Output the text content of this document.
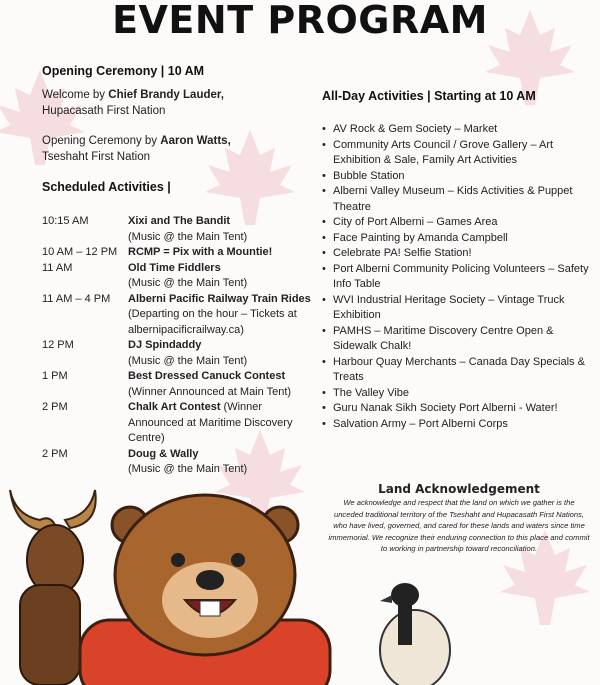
EVENT PROGRAM
Opening Ceremony | 10 AM
Welcome by Chief Brandy Lauder,
Hupacasath First Nation
Opening Ceremony by Aaron Watts,
Tseshaht First Nation
Scheduled Activities |
10:15 AM	Xixi and The Bandit
(Music @ the Main Tent)
10 AM – 12 PM RCMP = Pix with a Mountie!
11 AM	Old Time Fiddlers
(Music @ the Main Tent)
11 AM – 4 PM	Alberni Pacific Railway Train Rides
(Departing on the hour – Tickets at albernipacificrailway.ca)
12 PM	DJ Spindaddy
(Music @ the Main Tent)
1 PM	Best Dressed Canuck Contest
(Winner Announced at Main Tent)
2 PM	Chalk Art Contest (Winner Announced at Maritime Discovery Centre)
2 PM	Doug & Wally
(Music @ the Main Tent)
All-Day Activities | Starting at 10 AM
• AV Rock & Gem Society – Market
• Community Arts Council / Grove Gallery – Art Exhibition & Sale, Family Art Activities
• Bubble Station
• Alberni Valley Museum – Kids Activities & Puppet Theatre
• City of Port Alberni – Games Area
• Face Painting by Amanda Campbell
• Celebrate PA! Selfie Station!
• Port Alberni Community Policing Volunteers – Safety Info Table
• WVI Industrial Heritage Society – Vintage Truck Exhibition
• PAMHS – Maritime Discovery Centre Open & Sidewalk Chalk!
• Harbour Quay Merchants – Canada Day Specials & Treats
• The Valley Vibe
• Guru Nanak Sikh Society Port Alberni - Water!
• Salvation Army – Port Alberni Corps
Land Acknowledgement

We acknowledge and respect that the land on which we gather is the unceded traditional territory of the Tseshaht and Hupacasath First Nations, who have lived, governed, and cared for these lands and waters since time immemorial. We recognize their enduring connection to this place and commit to working in partnership toward reconciliation.
